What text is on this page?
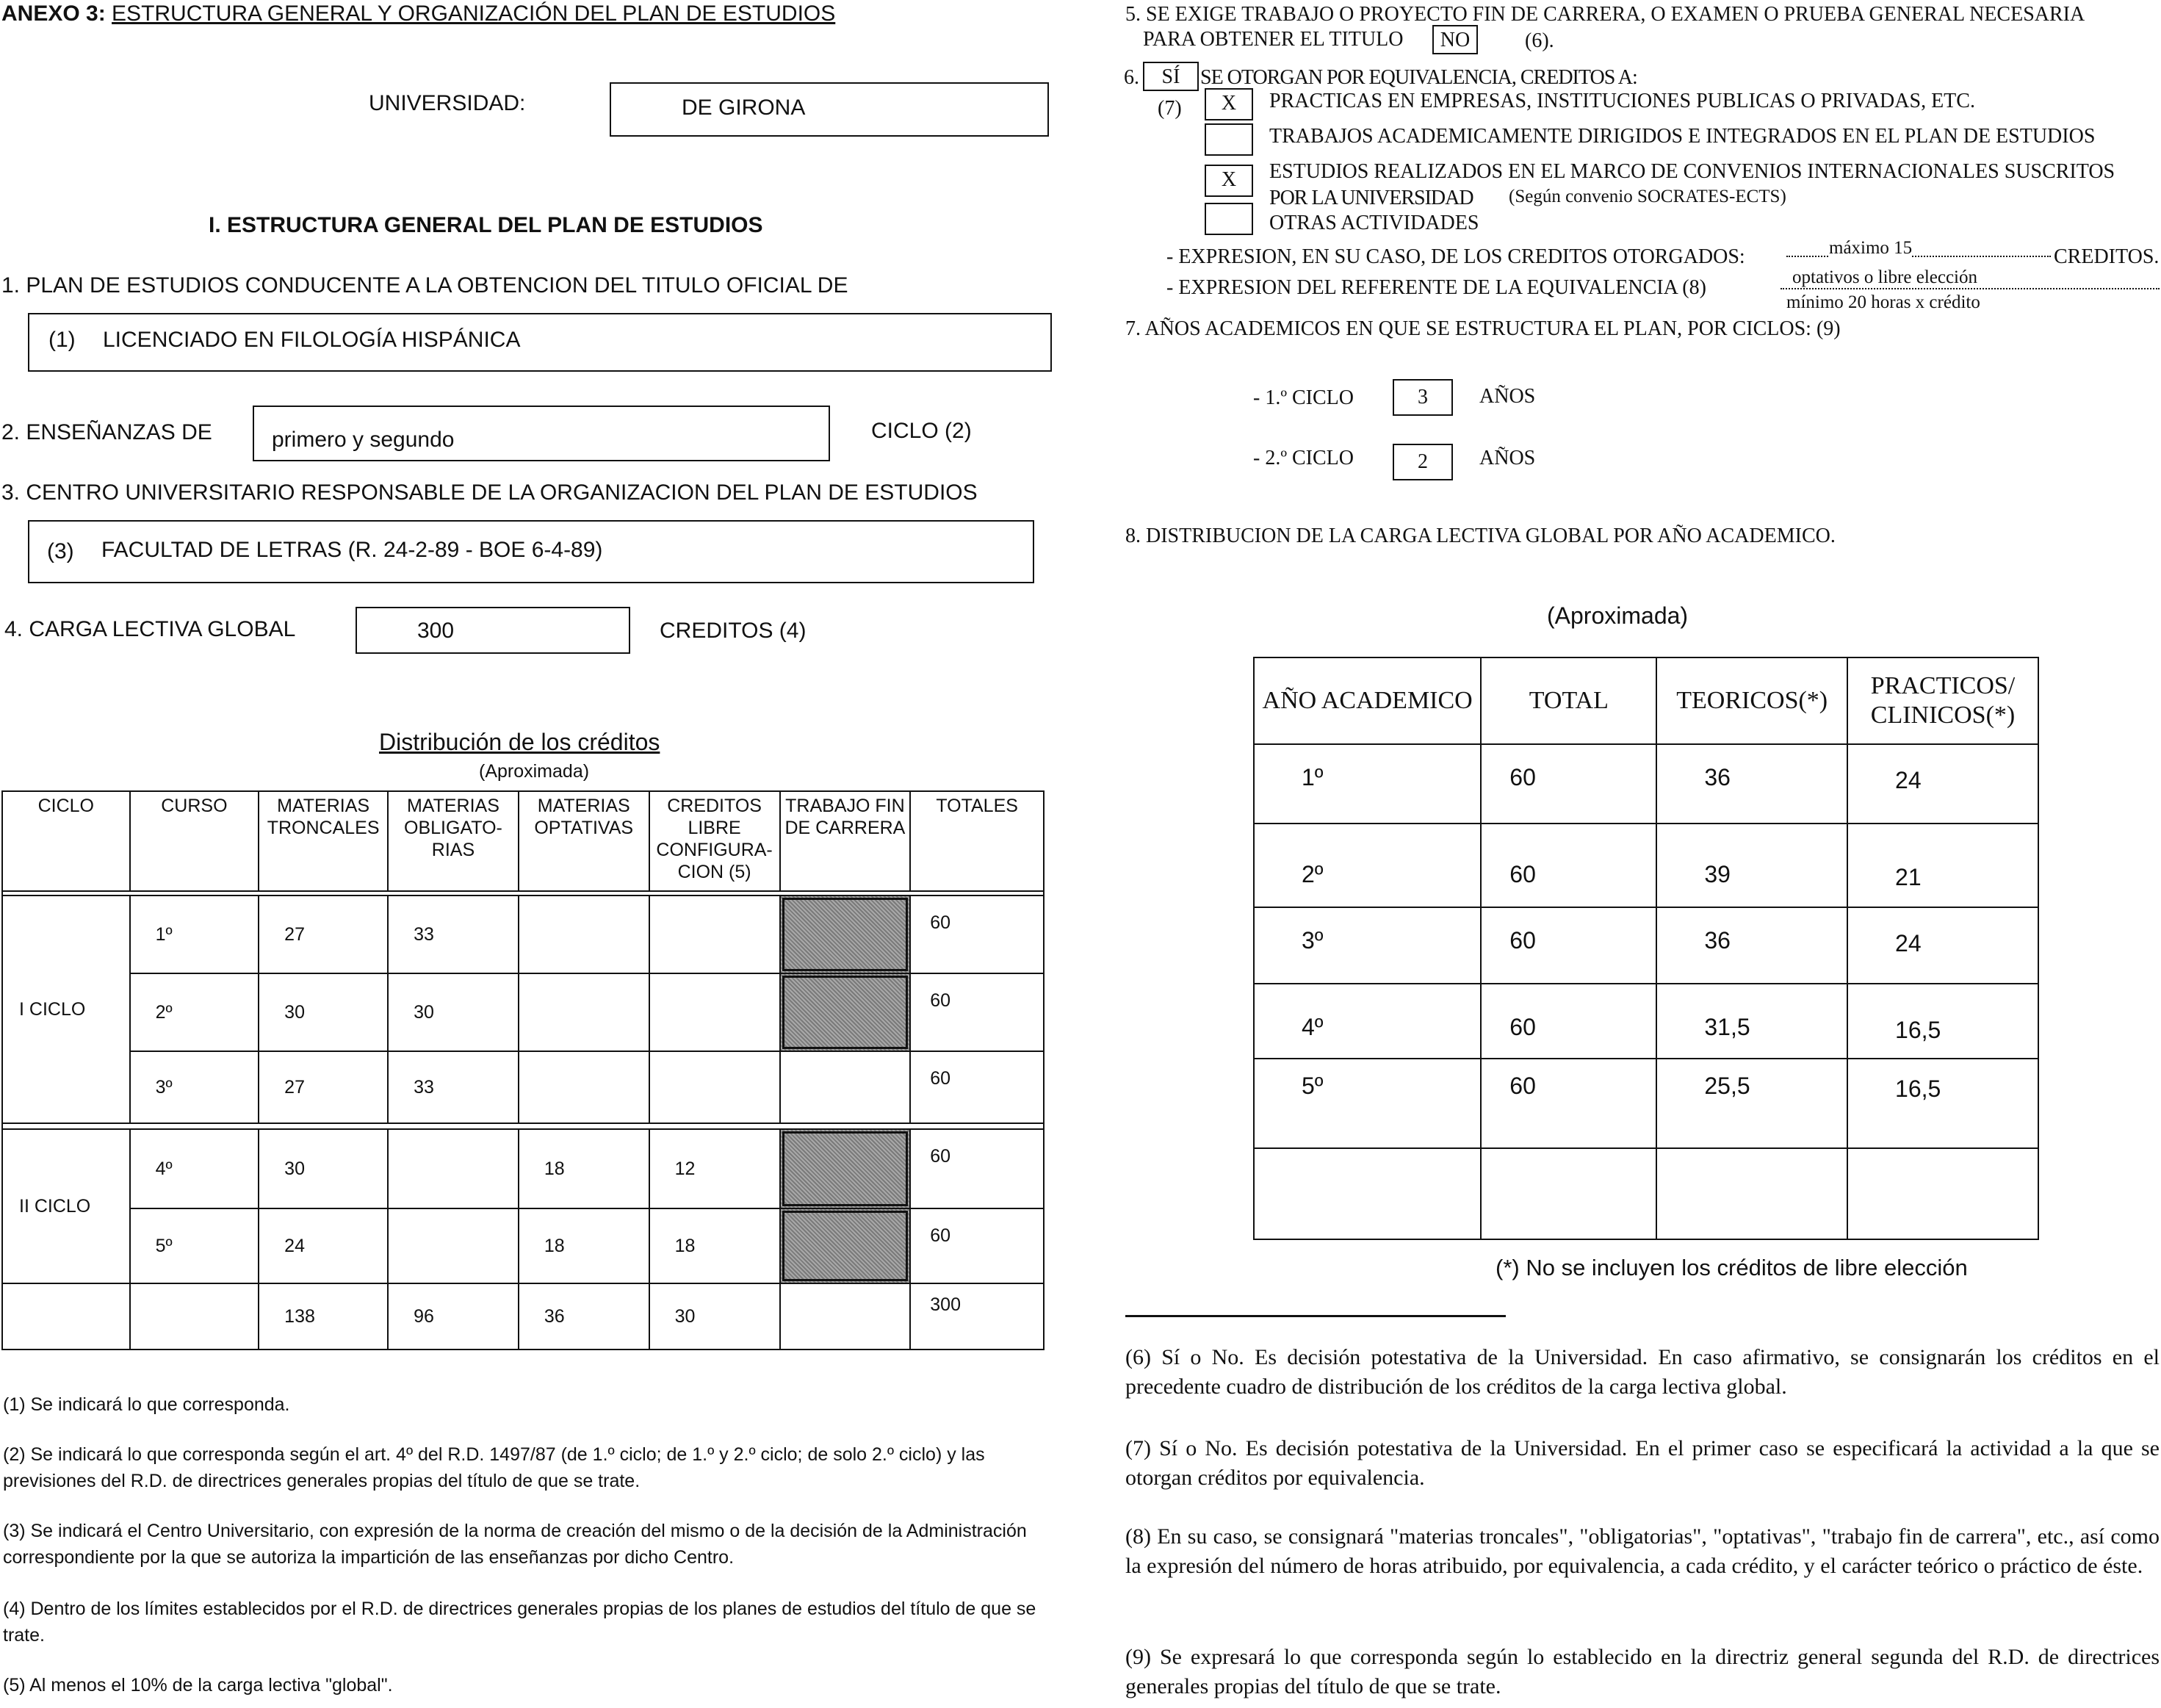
ANEXO 3: ESTRUCTURA GENERAL Y ORGANIZACIÓN DEL PLAN DE ESTUDIOS
UNIVERSIDAD:	DE GIRONA
I. ESTRUCTURA GENERAL DEL PLAN DE ESTUDIOS
1. PLAN DE ESTUDIOS CONDUCENTE A LA OBTENCION DEL TITULO OFICIAL DE
(1) LICENCIADO EN FILOLOGÍA HISPÁNICA
2. ENSEÑANZAS DE	primero y segundo	CICLO (2)
3. CENTRO UNIVERSITARIO RESPONSABLE DE LA ORGANIZACION DEL PLAN DE ESTUDIOS
(3) FACULTAD DE LETRAS (R. 24-2-89 - BOE 6-4-89)
4. CARGA LECTIVA GLOBAL	300	CREDITOS (4)
Distribución de los créditos
(Aproximada)
CICLO	CURSO	MATERIAS TRONCALES	MATERIAS OBLIGATO- RIAS	MATERIAS OPTATIVAS	CREDITOS LIBRE CONFIGURA- CION (5)	TRABAJO FIN DE CARRERA	TOTALES

I CICLO	1º	27	33				60
	2º	30	30				60
	3º	27	33				60

II CICLO	4º	30		18	12		60
	5º	24		18	18		60
		138	96	36	30		300
(1) Se indicará lo que corresponda.
(2) Se indicará lo que corresponda según el art. 4º del R.D. 1497/87 (de 1.º ciclo; de 1.º y 2.º ciclo; de solo 2.º ciclo) y las previsiones del R.D. de directrices generales propias del título de que se trate.
(3) Se indicará el Centro Universitario, con expresión de la norma de creación del mismo o de la decisión de la Administración correspondiente por la que se autoriza la impartición de las enseñanzas por dicho Centro.
(4) Dentro de los límites establecidos por el R.D. de directrices generales propias de los planes de estudios del título de que se trate.
(5) Al menos el 10% de la carga lectiva "global".
5. SE EXIGE TRABAJO O PROYECTO FIN DE CARRERA, O EXAMEN O PRUEBA GENERAL NECESARIA
PARA OBTENER EL TITULO	NO	(6).
6.	SÍ SE OTORGAN POR EQUIVALENCIA, CREDITOS A:
(7)	X	PRACTICAS EN EMPRESAS, INSTITUCIONES PUBLICAS O PRIVADAS, ETC.
TRABAJOS ACADEMICAMENTE DIRIGIDOS E INTEGRADOS EN EL PLAN DE ESTUDIOS
X	ESTUDIOS REALIZADOS EN EL MARCO DE CONVENIOS INTERNACIONALES SUSCRITOS
POR LA UNIVERSIDAD (Según convenio SOCRATES-ECTS)
OTRAS ACTIVIDADES
- EXPRESION, EN SU CASO, DE LOS CREDITOS OTORGADOS:	máximo 15	CREDITOS.
- EXPRESION DEL REFERENTE DE LA EQUIVALENCIA (8)	optativos o libre elección
mínimo 20 horas x crédito
7. AÑOS ACADEMICOS EN QUE SE ESTRUCTURA EL PLAN, POR CICLOS: (9)
- 1.º CICLO	3	AÑOS
- 2.º CICLO	2	AÑOS
8. DISTRIBUCION DE LA CARGA LECTIVA GLOBAL POR AÑO ACADEMICO.
(Aproximada)
AÑO ACADEMICO	TOTAL	TEORICOS(*)	PRACTICOS/ CLINICOS(*)
1º	60	36	24
2º	60	39	21
3º	60	36	24
4º	60	31,5	16,5
5º	60	25,5	16,5

(*) No se incluyen los créditos de libre elección
(6) Sí o No. Es decisión potestativa de la Universidad. En caso afirmativo, se consignarán los créditos en el precedente cuadro de distribución de los créditos de la carga lectiva global.
(7) Sí o No. Es decisión potestativa de la Universidad. En el primer caso se especificará la actividad a la que se otorgan créditos por equivalencia.
(8) En su caso, se consignará "materias troncales", "obligatorias", "optativas", "trabajo fin de carrera", etc., así como la expresión del número de horas atribuido, por equivalencia, a cada crédito, y el carácter teórico o práctico de éste.
(9) Se expresará lo que corresponda según lo establecido en la directriz general segunda del R.D. de directrices generales propias del título de que se trate.
